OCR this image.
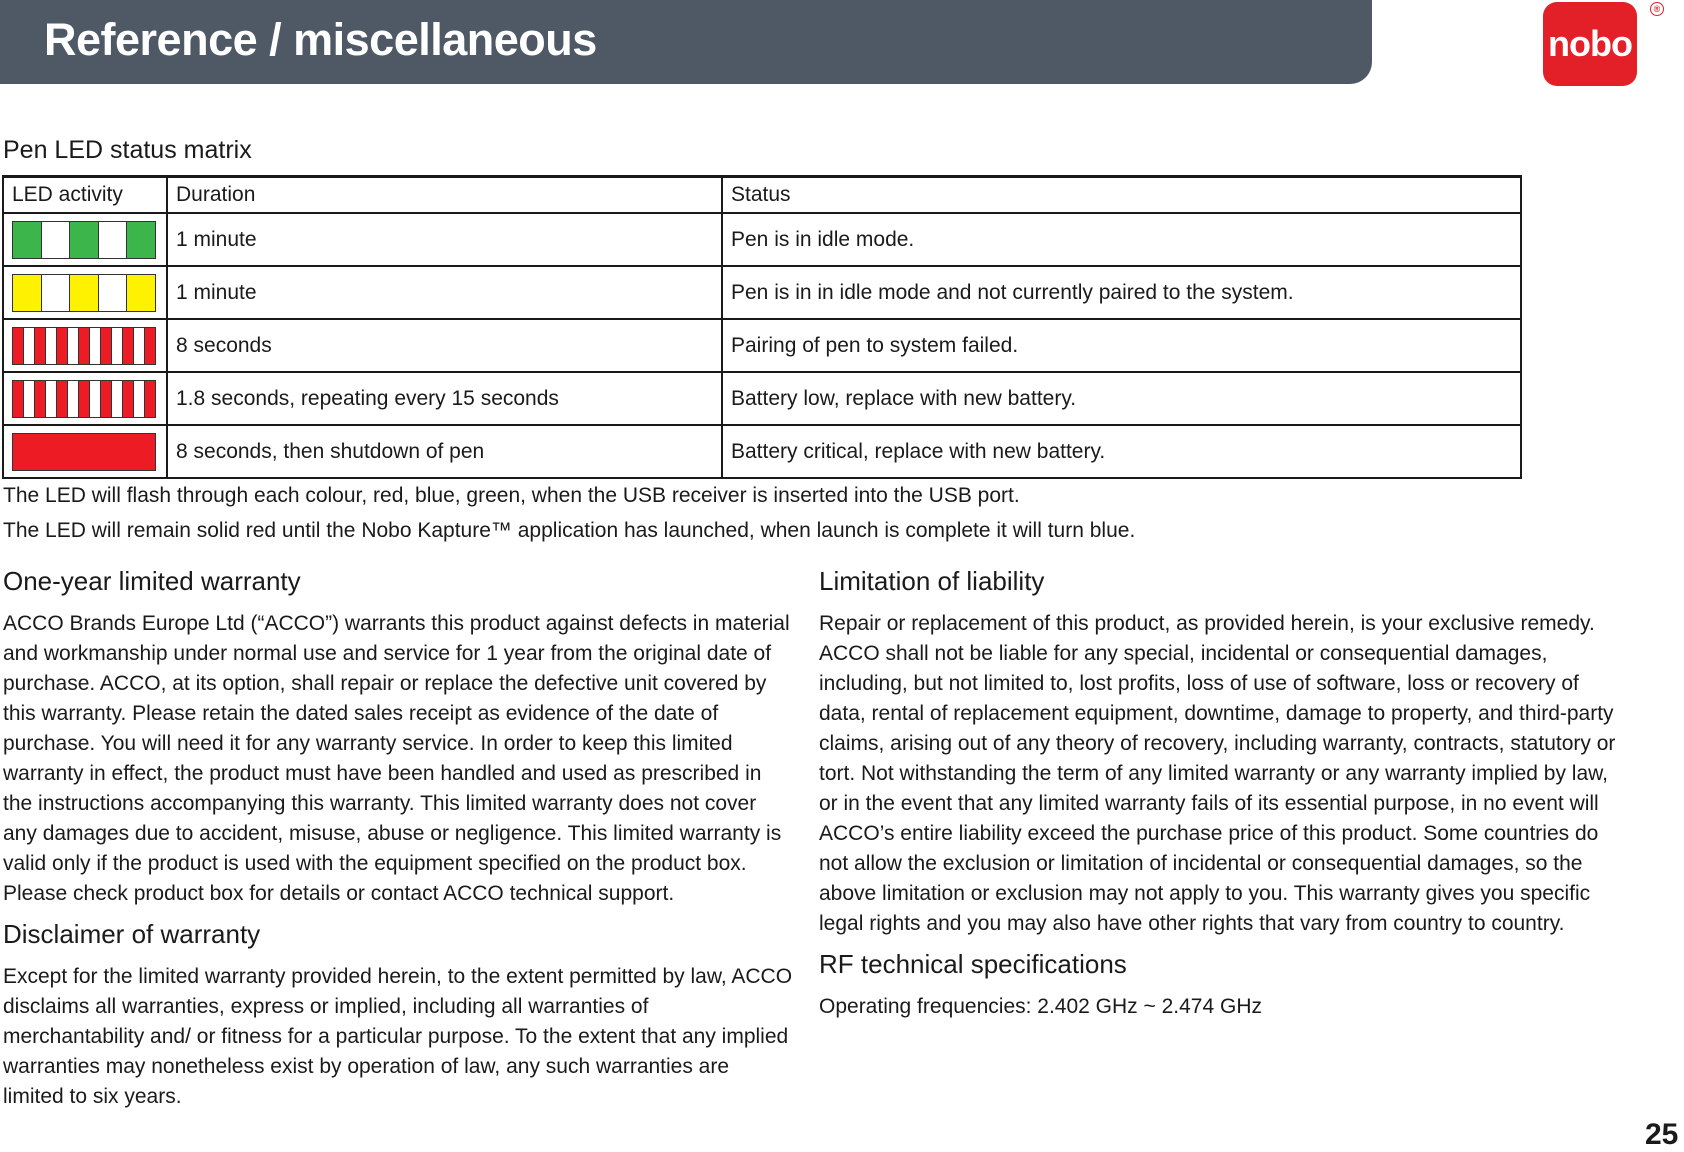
Reference / miscellaneous	nobo
®
Pen LED status matrix
LED activity	Duration	Status

	1 minute	Pen is in idle mode.

	1 minute	Pen is in in idle mode and not currently paired to the system.

	8 seconds	Pairing of pen to system failed.

	1.8 seconds, repeating every 15 seconds	Battery low, replace with new battery.

	8 seconds, then shutdown of pen	Battery critical, replace with new battery.
The LED will flash through each colour, red, blue, green, when the USB receiver is inserted into the USB port.
The LED will remain solid red until the Nobo Kapture™ application has launched, when launch is complete it will turn blue.
One-year limited warranty

ACCO Brands Europe Ltd (“ACCO”) warrants this product against defects in material and workmanship under normal use and service for 1 year from the original date of purchase. ACCO, at its option, shall repair or replace the defective unit covered by this warranty. Please retain the dated sales receipt as evidence of the date of purchase. You will need it for any warranty service. In order to keep this limited warranty in effect, the product must have been handled and used as prescribed in the instructions accompanying this warranty. This limited warranty does not cover any damages due to accident, misuse, abuse or negligence. This limited warranty is valid only if the product is used with the equipment specified on the product box. Please check product box for details or contact ACCO technical support.

Disclaimer of warranty

Except for the limited warranty provided herein, to the extent permitted by law, ACCO disclaims all warranties, express or implied, including all warranties of merchantability and/ or fitness for a particular purpose. To the extent that any implied warranties may nonetheless exist by operation of law, any such warranties are limited to six years.

Limitation of liability

Repair or replacement of this product, as provided herein, is your exclusive remedy. ACCO shall not be liable for any special, incidental or consequential damages, including, but not limited to, lost profits, loss of use of software, loss or recovery of data, rental of replacement equipment, downtime, damage to property, and third-party claims, arising out of any theory of recovery, including warranty, contracts, statutory or tort. Not withstanding the term of any limited warranty or any warranty implied by law, or in the event that any limited warranty fails of its essential purpose, in no event will ACCO’s entire liability exceed the purchase price of this product. Some countries do not allow the exclusion or limitation of incidental or consequential damages, so the above limitation or exclusion may not apply to you. This warranty gives you specific legal rights and you may also have other rights that vary from country to country.

RF technical specifications

Operating frequencies: 2.402 GHz ~ 2.474 GHz

25
